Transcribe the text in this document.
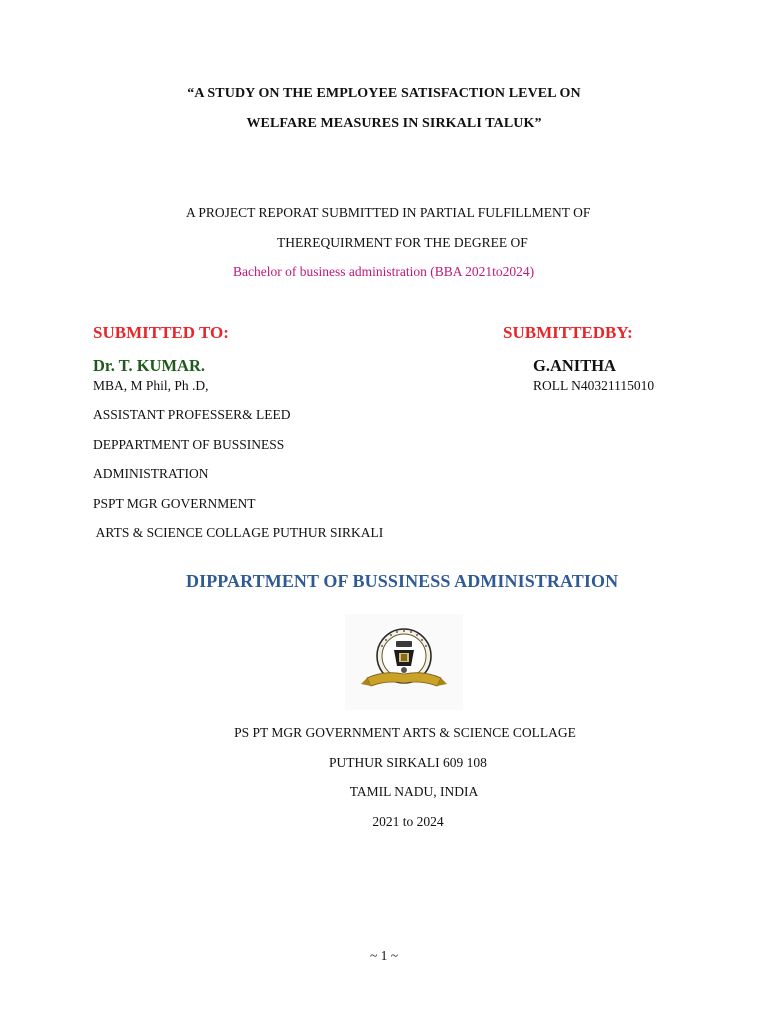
“A STUDY ON THE EMPLOYEE SATISFACTION LEVEL ON
WELFARE MEASURES IN SIRKALI TALUK”
A PROJECT REPORAT SUBMITTED IN PARTIAL FULFILLMENT OF
THEREQUIRMENT FOR THE DEGREE OF
Bachelor of business administration (BBA 2021to2024)
SUBMITTED TO:	SUBMITTEDBY:
Dr. T. KUMAR.	G.ANITHA
MBA, M Phil, Ph .D,	ROLL N40321115010
ASSISTANT PROFESSER& LEED
DEPPARTMENT OF BUSSINESS
ADMINISTRATION
PSPT MGR GOVERNMENT
ARTS & SCIENCE COLLAGE PUTHUR SIRKALI
DIPPARTMENT OF BUSSINESS ADMINISTRATION
PS PT MGR GOVERNMENT ARTS & SCIENCE COLLAGE
PUTHUR SIRKALI 609 108
TAMIL NADU, INDIA
2021 to 2024
~ 1 ~
